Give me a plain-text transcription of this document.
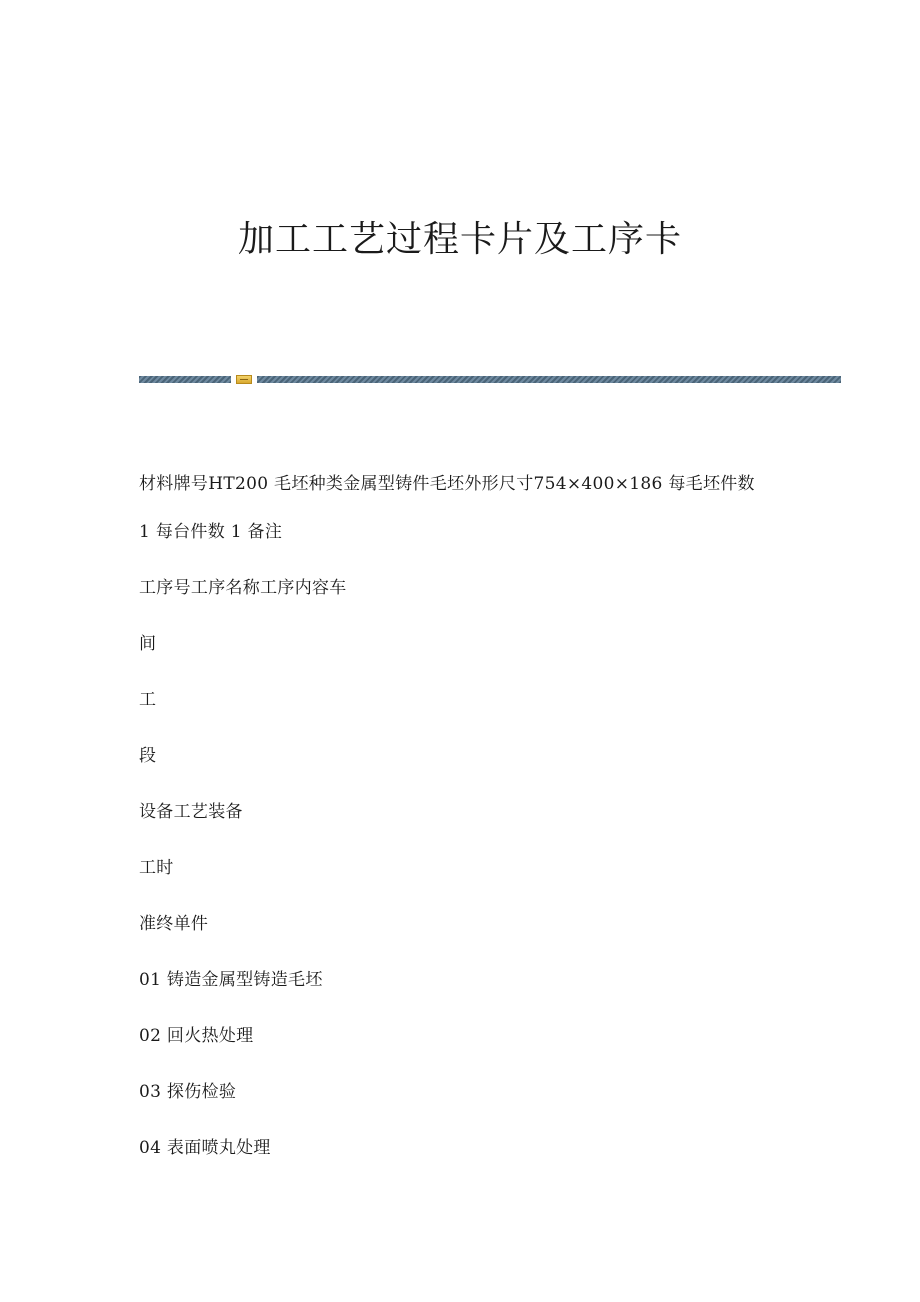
加工工艺过程卡片及工序卡

材料牌号HT200 毛坯种类金属型铸件毛坯外形尺寸754×400×186 每毛坯件数

1 每台件数 1 备注

工序号工序名称工序内容车

间

工

段

设备工艺装备

工时

准终单件

01 铸造金属型铸造毛坯

02 回火热处理

03 探伤检验

04 表面喷丸处理
